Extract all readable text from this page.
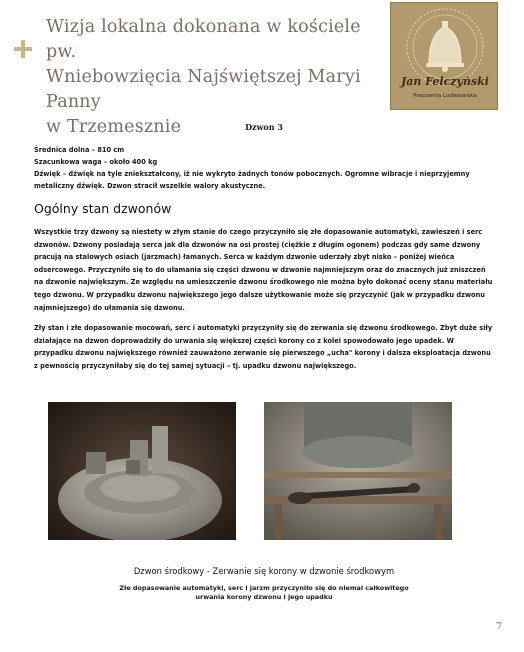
Wizja lokalna dokonana w kościele pw.
Wniebowzięcia Najświętszej Maryi Panny
w Trzemesznie
Jan Felczyński
Pracownia Ludwisarska
Dzwon 3
Średnica dolna – 810 cm
Szacunkowa waga – około 400 kg
Dźwięk – dźwięk na tyle zniekształcony, iż nie wykryto żadnych tonów pobocznych. Ogromne wibracje i nieprzyjemny metaliczny dźwięk. Dzwon stracił wszelkie walory akustyczne.
Ogólny stan dzwonów

Wszystkie trzy dzwony są niestety w złym stanie do czego przyczyniło się złe dopasowanie automatyki, zawieszeń i serc dzwonów. Dzwony posiadają serca jak dla dzwonów na osi prostej (ciężkie z długim ogonem) podczas gdy same dzwony pracują na stalowych osiach (jarzmach) łamanych. Serca w każdym dzwonie uderzały zbyt nisko – poniżej wieńca odsercowego. Przyczyniło się to do ułamania się części dzwonu w dzwonie najmniejszym oraz do znacznych już zniszczeń na dzwonie największym. Ze względu na umieszczenie dzwonu środkowego nie można było dokonać oceny stanu materiału tego dzwonu. W przypadku dzwonu największego jego dalsze użytkowanie może się przyczynić (jak w przypadku dzwonu najmniejszego) do ułamania się dzwonu.

Zły stan i złe dopasowanie mocowań, serc i automatyki przyczyniły się do zerwania się dzwonu środkowego. Zbyt duże siły działające na dzwon doprowadziły do urwania się większej części korony co z kolei spowodowało jego upadek. W przypadku dzwonu największego również zauważono zerwanie się pierwszego „ucha" korony i dalsza eksploatacja dzwonu z pewnością przyczyniłaby się do tej samej sytuacji – tj. upadku dzwonu największego.

Dzwon środkowy - Zerwanie się korony w dzwonie środkowym
Złe dopasowanie automatyki, serc i jarzm przyczyniło się do niemal całkowitego
urwania korony dzwonu i jego upadku
7
